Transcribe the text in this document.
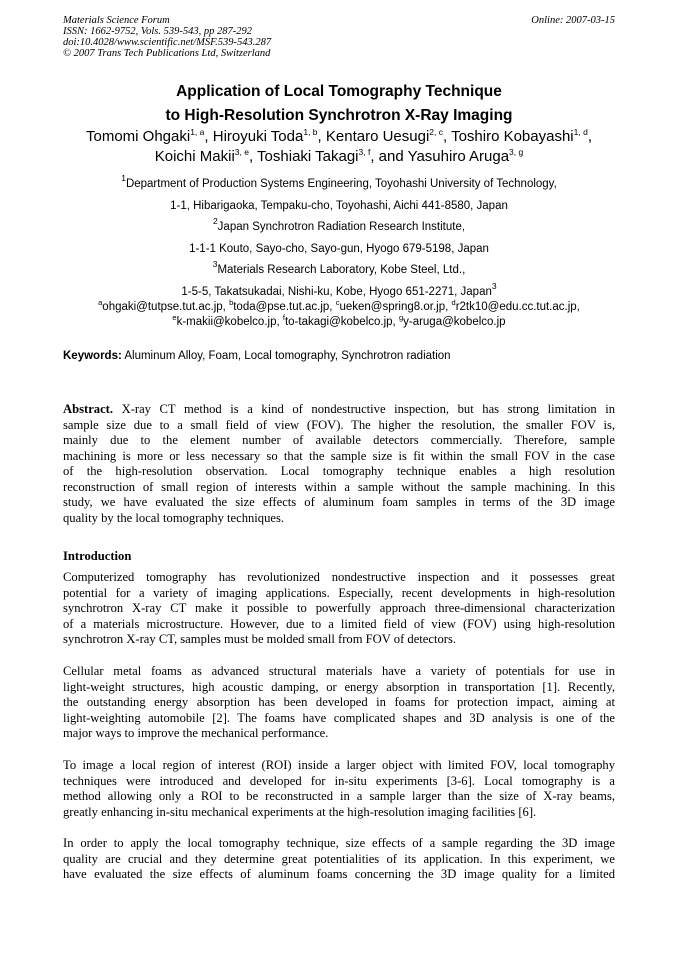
Materials Science Forum
ISSN: 1662-9752, Vols. 539-543, pp 287-292
doi:10.4028/www.scientific.net/MSF.539-543.287
© 2007 Trans Tech Publications Ltd, Switzerland
Online: 2007-03-15
Application of Local Tomography Technique
to High-Resolution Synchrotron X-Ray Imaging
Tomomi Ohgaki$^{1, a}$, Hiroyuki Toda$^{1, b}$, Kentaro Uesugi$^{2, c}$, Toshiro Kobayashi$^{1, d}$,
Koichi Makii$^{3, e}$, Toshiaki Takagi$^{3, f}$, and Yasuhiro Aruga$^{3, g}$
$^1$Department of Production Systems Engineering, Toyohashi University of Technology,
1-1, Hibarigaoka, Tempaku-cho, Toyohashi, Aichi 441-8580, Japan
$^2$Japan Synchrotron Radiation Research Institute,
1-1-1 Kouto, Sayo-cho, Sayo-gun, Hyogo 679-5198, Japan
$^3$Materials Research Laboratory, Kobe Steel, Ltd.,
1-5-5, Takatsukadai, Nishi-ku, Kobe, Hyogo 651-2271, Japan$^3$
$^a$ohgaki@tutpse.tut.ac.jp, $^b$toda@pse.tut.ac.jp, $^c$ueken@spring8.or.jp, $^d$r2tk10@edu.cc.tut.ac.jp,
$^e$k-makii@kobelco.jp, $^f$to-takagi@kobelco.jp, $^g$y-aruga@kobelco.jp
Keywords: Aluminum Alloy, Foam, Local tomography, Synchrotron radiation
Abstract. X-ray CT method is a kind of nondestructive inspection, but has strong limitation in
sample size due to a small field of view (FOV). The higher the resolution, the smaller FOV is,
mainly due to the element number of available detectors commercially. Therefore, sample
machining is more or less necessary so that the sample size is fit within the small FOV in the case
of the high-resolution observation. Local tomography technique enables a high resolution
reconstruction of small region of interests within a sample without the sample machining. In this
study, we have evaluated the size effects of aluminum foam samples in terms of the 3D image
quality by the local tomography techniques.
Introduction
Computerized tomography has revolutionized nondestructive inspection and it possesses great
potential for a variety of imaging applications. Especially, recent developments in high-resolution
synchrotron X-ray CT make it possible to powerfully approach three-dimensional characterization
of a materials microstructure. However, due to a limited field of view (FOV) using high-resolution
synchrotron X-ray CT, samples must be molded small from FOV of detectors.
Cellular metal foams as advanced structural materials have a variety of potentials for use in
light-weight structures, high acoustic damping, or energy absorption in transportation [1]. Recently,
the outstanding energy absorption has been developed in foams for protection impact, aiming at
light-weighting automobile [2]. The foams have complicated shapes and 3D analysis is one of the
major ways to improve the mechanical performance.
To image a local region of interest (ROI) inside a larger object with limited FOV, local tomography
techniques were introduced and developed for in-situ experiments [3-6]. Local tomography is a
method allowing only a ROI to be reconstructed in a sample larger than the size of X-ray beams,
greatly enhancing in-situ mechanical experiments at the high-resolution imaging facilities [6].
In order to apply the local tomography technique, size effects of a sample regarding the 3D image
quality are crucial and they determine great potentialities of its application. In this experiment, we
have evaluated the size effects of aluminum foams concerning the 3D image quality for a limited
